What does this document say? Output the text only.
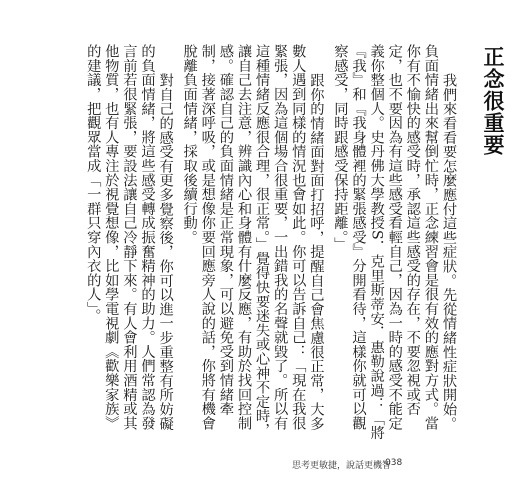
正念很重要

我們來看看要怎麼應付這些症狀。先從情緒性症狀開始。負面情緒出來幫倒忙時，正念練習會是很有效的應對方式。當你有不愉快的感受時，承認這些感受的存在，不要忽視或否定，也不要因為有這些感受看輕自己，因為一時的感受不能定義你整個人。史丹佛大學教授S．克里斯蒂安．惠勒說過：「將『我』和『我身體裡的緊張感受』分開看待，這樣你就可以觀察感受，同時跟感受保持距離。」

跟你的情緒面對面打招呼，提醒自己會焦慮很正常，大多數人遇到同樣的情況也會如此。你可以告訴自己：「現在我很緊張，因為這個場合很重要，一出錯我的名聲就毀了。所以有這種情緒反應很合理，很正常。」覺得快要迷失或心神不定時，讓自己去注意，辨識內心和身體有什麼反應，有助於找回控制感。確認自己的負面情緒是正常現象，可以避免受到情緒牽制，接著深呼吸，或是想像你要回應旁人說的話，你將有機會脫離負面情緒，採取後續行動。

對自己的感受有更多覺察後，你可以進一步重整有所妨礙的負面情緒，將這些感受轉成振奮精神的助力。人們常認為發言前若很緊張，要設法讓自己冷靜下來。有人會利用酒精或其他物質，也有人專注於視覺想像，比如學電視劇《歡樂家族》的建議，把觀眾當成「一群只穿內衣的人」。

思考更敏捷，說話更機智
038
